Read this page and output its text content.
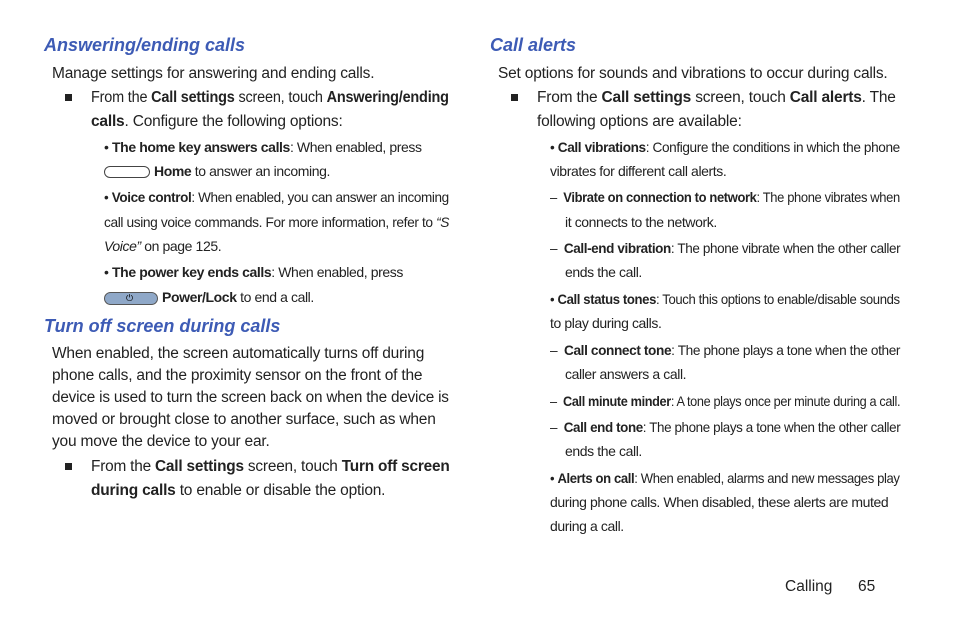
Answering/ending calls
Manage settings for answering and ending calls.
From the Call settings screen, touch Answering/ending
calls. Configure the following options:
• The home key answers calls: When enabled, press
Home to answer an incoming.
• Voice control: When enabled, you can answer an incoming
call using voice commands. For more information, refer to “S
Voice” on page 125.
• The power key ends calls: When enabled, press
⏻ Power/Lock to end a call.
Turn off screen during calls
When enabled, the screen automatically turns off during
phone calls, and the proximity sensor on the front of the
device is used to turn the screen back on when the device is
moved or brought close to another surface, such as when
you move the device to your ear.
From the Call settings screen, touch Turn off screen
during calls to enable or disable the option.
Call alerts
Set options for sounds and vibrations to occur during calls.
From the Call settings screen, touch Call alerts. The
following options are available:
• Call vibrations: Configure the conditions in which the phone
vibrates for different call alerts.
– Vibrate on connection to network: The phone vibrates when
it connects to the network.
– Call-end vibration: The phone vibrate when the other caller
ends the call.
• Call status tones: Touch this options to enable/disable sounds
to play during calls.
– Call connect tone: The phone plays a tone when the other
caller answers a call.
– Call minute minder: A tone plays once per minute during a call.
– Call end tone: The phone plays a tone when the other caller
ends the call.
• Alerts on call: When enabled, alarms and new messages play
during phone calls. When disabled, these alerts are muted
during a call.
Calling 65
